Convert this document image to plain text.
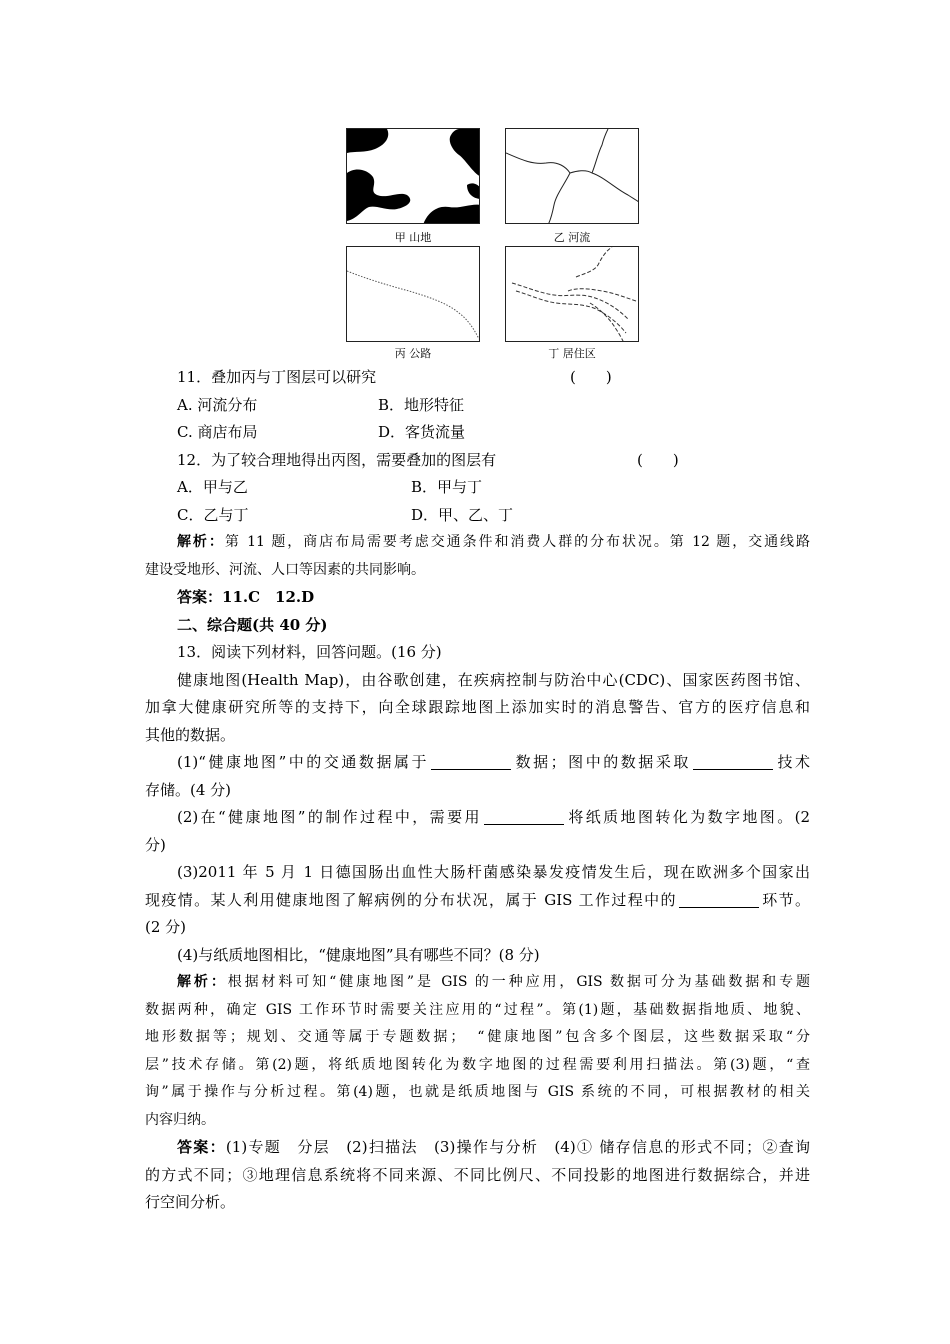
甲 山地	乙 河流
丙 公路	丁 居住区
11．叠加丙与丁图层可以研究	(　　)
A. 河流分布	B．地形特征
C. 商店布局	D．客货流量
12．为了较合理地得出丙图，需要叠加的图层有	(　　)
A．甲与乙	B．甲与丁
C．乙与丁	D．甲、乙、丁
解析：第 11 题，商店布局需要考虑交通条件和消费人群的分布状况。第 12 题，交通线路
建设受地形、河流、人口等因素的共同影响。
答案：11.C　12.D
二、综合题(共 40 分)
13．阅读下列材料，回答问题。(16 分)
健康地图(Health Map)，由谷歌创建，在疾病控制与防治中心(CDC)、国家医药图书馆、
加拿大健康研究所等的支持下，向全球跟踪地图上添加实时的消息警告、官方的医疗信息和
其他的数据。
(1)“健康地图”中的交通数据属于	数据；图中的数据采取	技术
存储。(4 分)
(2)在“健康地图”的制作过程中，需要用	将纸质地图转化为数字地图。(2
分)
(3)2011 年 5 月 1 日德国肠出血性大肠杆菌感染暴发疫情发生后，现在欧洲多个国家出
现疫情。某人利用健康地图了解病例的分布状况，属于 GIS 工作过程中的	环节。
(2 分)
(4)与纸质地图相比，“健康地图”具有哪些不同？(8 分)
解析：根据材料可知“健康地图”是 GIS 的一种应用，GIS 数据可分为基础数据和专题
数据两种，确定 GIS 工作环节时需要关注应用的“过程”。第(1)题，基础数据指地质、地貌、
地形数据等；规划、交通等属于专题数据；　“健康地图”包含多个图层，这些数据采取“分
层”技术存储。第(2)题，将纸质地图转化为数字地图的过程需要利用扫描法。第(3)题，“查
询”属于操作与分析过程。第(4)题，也就是纸质地图与 GIS 系统的不同，可根据教材的相关
内容归纳。
答案：(1)专题　分层　(2)扫描法　(3)操作与分析　(4)① 储存信息的形式不同；②查询
的方式不同；③地理信息系统将不同来源、不同比例尺、不同投影的地图进行数据综合，并进
行空间分析。
